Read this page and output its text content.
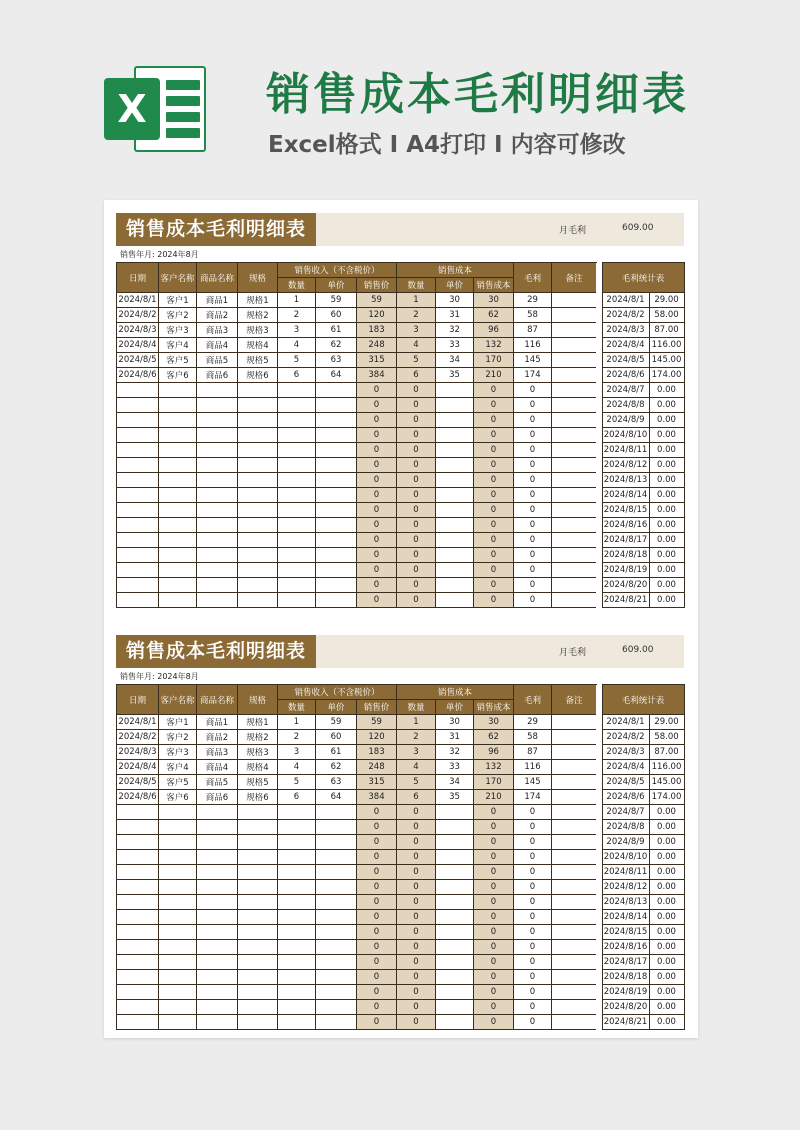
X	销售成本毛利明细表
Excel格式 I A4打印 I 内容可修改
销售成本毛利明细表	月毛利	609.00
销售年月: 2024年8月
日期	客户名称	商品名称	规格	销售收入（不含税价）			销售成本			毛利	备注
				数量	单价	销售价	数量	单价	销售成本		
2024/8/1	客户1	商品1	规格1	1	59	59	1	30	30	29	
2024/8/2	客户2	商品2	规格2	2	60	120	2	31	62	58	
2024/8/3	客户3	商品3	规格3	3	61	183	3	32	96	87	
2024/8/4	客户4	商品4	规格4	4	62	248	4	33	132	116	
2024/8/5	客户5	商品5	规格5	5	63	315	5	34	170	145	
2024/8/6	客户6	商品6	规格6	6	64	384	6	35	210	174	
						0	0		0	0	
						0	0		0	0	
						0	0		0	0	
						0	0		0	0	
						0	0		0	0	
						0	0		0	0	
						0	0		0	0	
						0	0		0	0	
						0	0		0	0	
						0	0		0	0	
						0	0		0	0	
						0	0		0	0	
						0	0		0	0	
						0	0		0	0	
						0	0		0	0	
	毛利统计表	

	2024/8/1	29.00
	2024/8/2	58.00
	2024/8/3	87.00
	2024/8/4	116.00
	2024/8/5	145.00
	2024/8/6	174.00
	2024/8/7	0.00
	2024/8/8	0.00
	2024/8/9	0.00
	2024/8/10	0.00
	2024/8/11	0.00
	2024/8/12	0.00
	2024/8/13	0.00
	2024/8/14	0.00
	2024/8/15	0.00
	2024/8/16	0.00
	2024/8/17	0.00
	2024/8/18	0.00
	2024/8/19	0.00
	2024/8/20	0.00
	2024/8/21	0.00
销售成本毛利明细表	月毛利	609.00
销售年月: 2024年8月
日期	客户名称	商品名称	规格	销售收入（不含税价）			销售成本			毛利	备注
				数量	单价	销售价	数量	单价	销售成本		
2024/8/1	客户1	商品1	规格1	1	59	59	1	30	30	29	
2024/8/2	客户2	商品2	规格2	2	60	120	2	31	62	58	
2024/8/3	客户3	商品3	规格3	3	61	183	3	32	96	87	
2024/8/4	客户4	商品4	规格4	4	62	248	4	33	132	116	
2024/8/5	客户5	商品5	规格5	5	63	315	5	34	170	145	
2024/8/6	客户6	商品6	规格6	6	64	384	6	35	210	174	
						0	0		0	0	
						0	0		0	0	
						0	0		0	0	
						0	0		0	0	
						0	0		0	0	
						0	0		0	0	
						0	0		0	0	
						0	0		0	0	
						0	0		0	0	
						0	0		0	0	
						0	0		0	0	
						0	0		0	0	
						0	0		0	0	
						0	0		0	0	
						0	0		0	0	
	毛利统计表	

	2024/8/1	29.00
	2024/8/2	58.00
	2024/8/3	87.00
	2024/8/4	116.00
	2024/8/5	145.00
	2024/8/6	174.00
	2024/8/7	0.00
	2024/8/8	0.00
	2024/8/9	0.00
	2024/8/10	0.00
	2024/8/11	0.00
	2024/8/12	0.00
	2024/8/13	0.00
	2024/8/14	0.00
	2024/8/15	0.00
	2024/8/16	0.00
	2024/8/17	0.00
	2024/8/18	0.00
	2024/8/19	0.00
	2024/8/20	0.00
	2024/8/21	0.00
